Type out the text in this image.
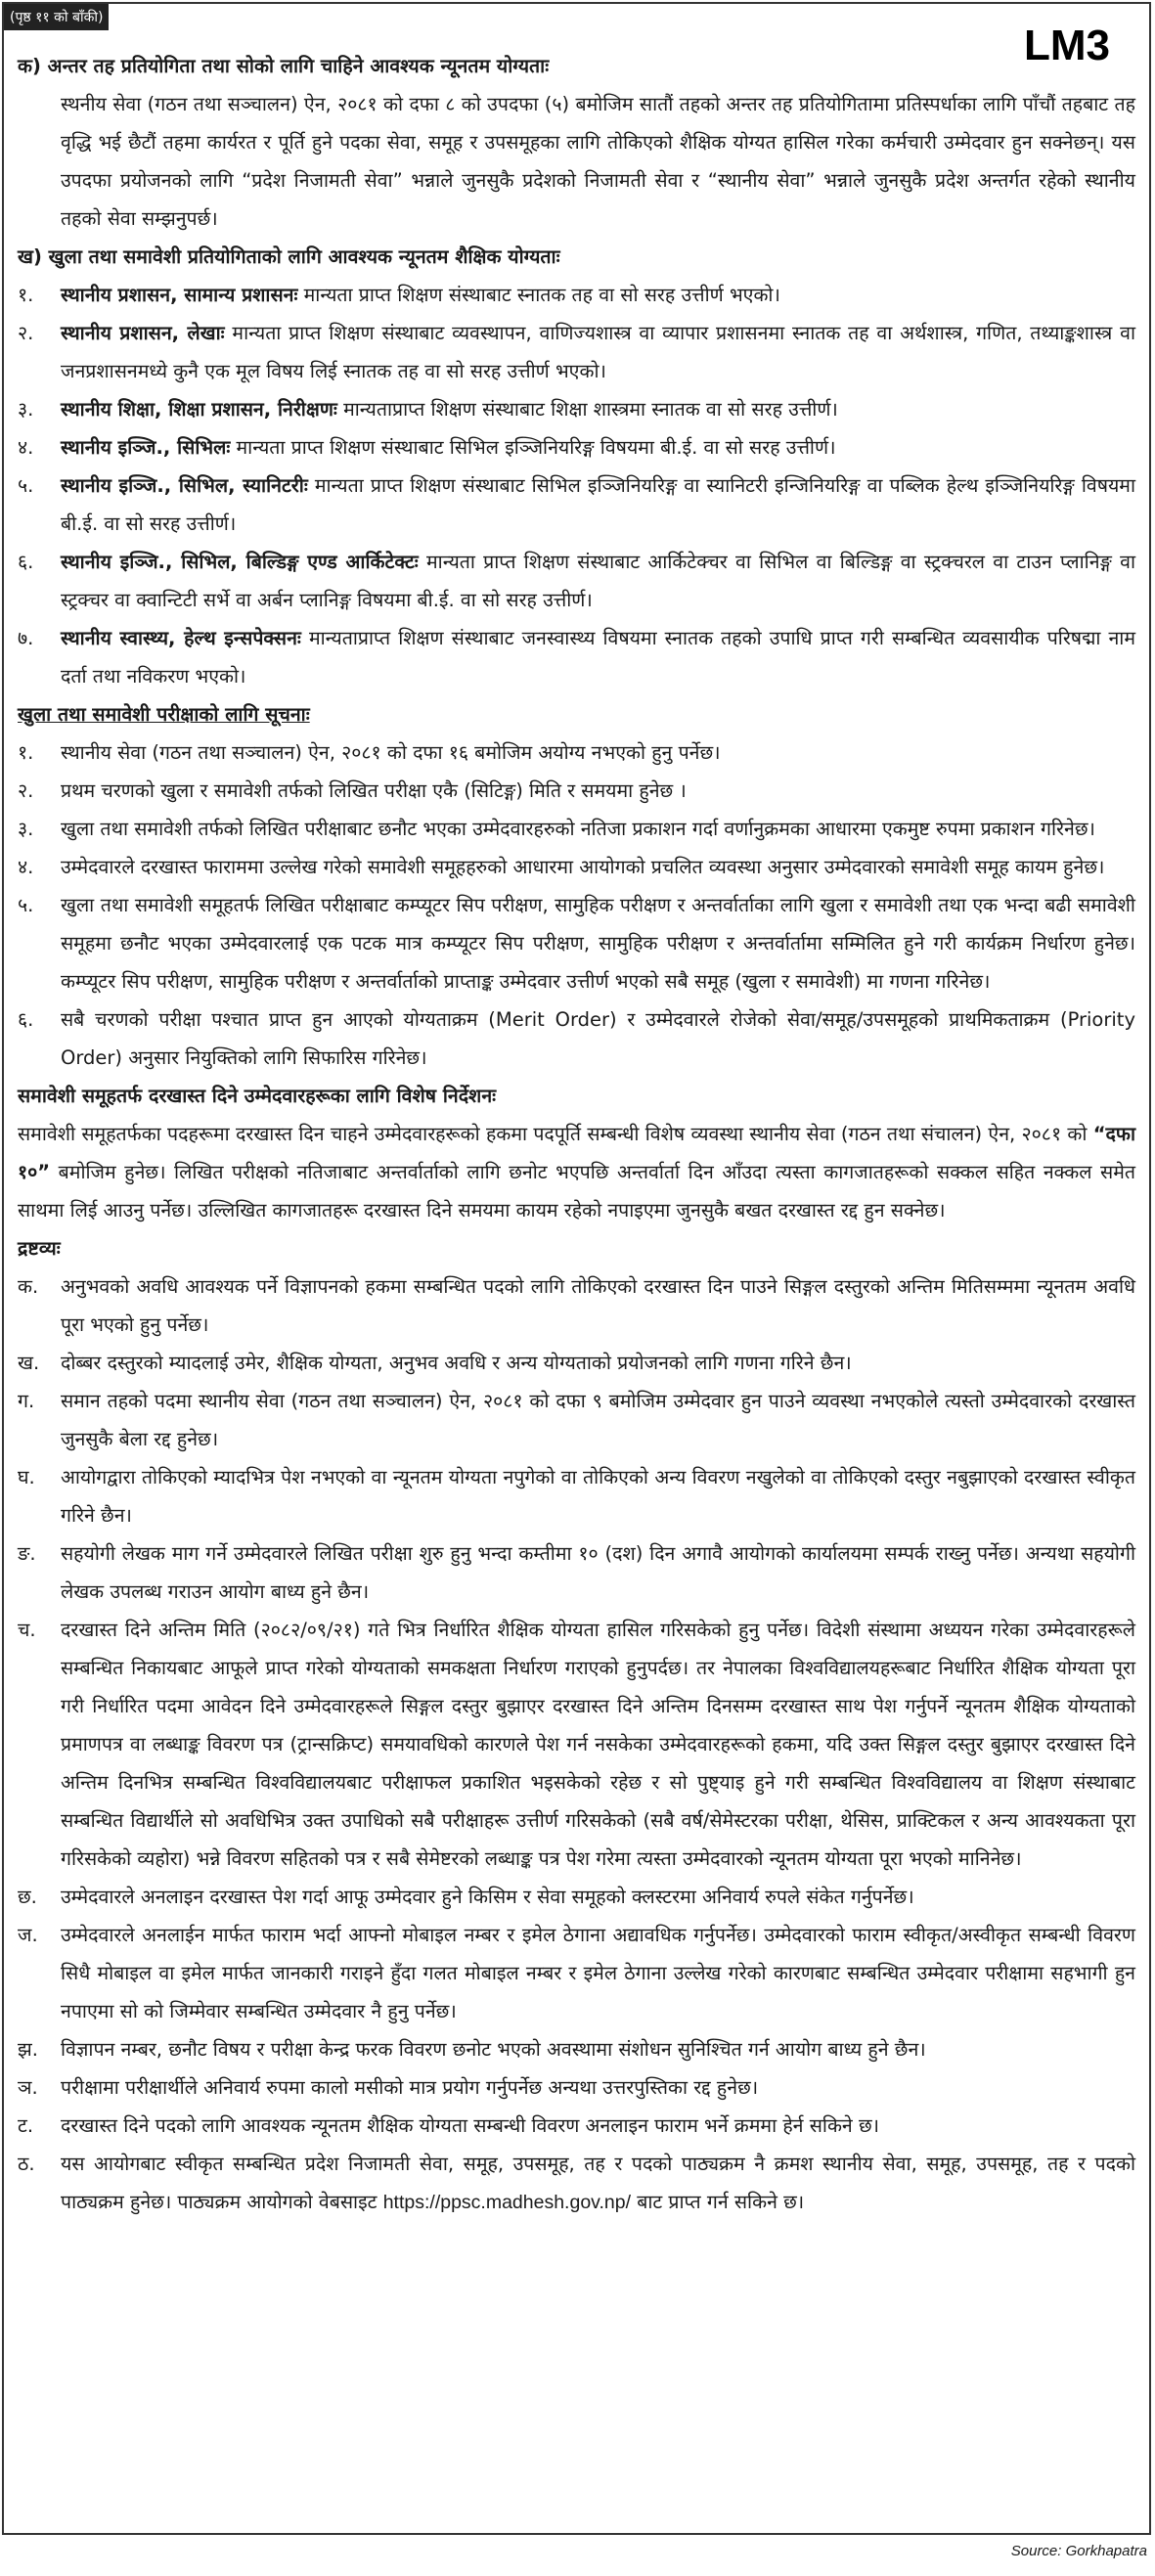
(पृष्ठ ११ को बाँकी)
LM3

क) अन्तर तह प्रतियोगिता तथा सोको लागि चाहिने आवश्यक न्यूनतम योग्यताः

स्थनीय सेवा (गठन तथा सञ्चालन) ऐन, २०८१ को दफा ८ को उपदफा (५) बमोजिम सातौं तहको अन्तर तह प्रतियोगितामा प्रतिस्पर्धाका लागि पाँचौं तहबाट तह वृद्धि भई छैटौं तहमा कार्यरत र पूर्ति हुने पदका सेवा, समूह र उपसमूहका लागि तोकिएको शैक्षिक योग्यत हासिल गरेका कर्मचारी उम्मेदवार हुन सक्नेछन्। यस उपदफा प्रयोजनको लागि “प्रदेश निजामती सेवा” भन्नाले जुनसुकै प्रदेशको निजामती सेवा र “स्थानीय सेवा” भन्नाले जुनसुकै प्रदेश अन्तर्गत रहेको स्थानीय तहको सेवा सम्झनुपर्छ।

ख) खुला तथा समावेशी प्रतियोगिताको लागि आवश्यक न्यूनतम शैक्षिक योग्यताः

१.	स्थानीय प्रशासन, सामान्य प्रशासनः मान्यता प्राप्त शिक्षण संस्थाबाट स्नातक तह वा सो सरह उत्तीर्ण भएको।
२.	स्थानीय प्रशासन, लेखाः मान्यता प्राप्त शिक्षण संस्थाबाट व्यवस्थापन, वाणिज्यशास्त्र वा व्यापार प्रशासनमा स्नातक तह वा अर्थशास्त्र, गणित, तथ्याङ्कशास्त्र वा जनप्रशासनमध्ये कुनै एक मूल विषय लिई स्नातक तह वा सो सरह उत्तीर्ण भएको।
३.	स्थानीय शिक्षा, शिक्षा प्रशासन, निरीक्षणः मान्यताप्राप्त शिक्षण संस्थाबाट शिक्षा शास्त्रमा स्नातक वा सो सरह उत्तीर्ण।
४.	स्थानीय इञ्जि., सिभिलः मान्यता प्राप्त शिक्षण संस्थाबाट सिभिल इञ्जिनियरिङ्ग विषयमा बी.ई. वा सो सरह उत्तीर्ण।
५.	स्थानीय इञ्जि., सिभिल, स्यानिटरीः मान्यता प्राप्त शिक्षण संस्थाबाट सिभिल इञ्जिनियरिङ्ग वा स्यानिटरी इन्जिनियरिङ्ग वा पब्लिक हेल्थ इञ्जिनियरिङ्ग विषयमा बी.ई. वा सो सरह उत्तीर्ण।
६.	स्थानीय इञ्जि., सिभिल, बिल्डिङ्ग एण्ड आर्किटेक्टः मान्यता प्राप्त शिक्षण संस्थाबाट आर्किटेक्चर वा सिभिल वा बिल्डिङ्ग वा स्ट्रक्चरल वा टाउन प्लानिङ्ग वा स्ट्रक्चर वा क्वान्टिटी सर्भे वा अर्बन प्लानिङ्ग विषयमा बी.ई. वा सो सरह उत्तीर्ण।
७.	स्थानीय स्वास्थ्य, हेल्थ इन्सपेक्सनः मान्यताप्राप्त शिक्षण संस्थाबाट जनस्वास्थ्य विषयमा स्नातक तहको उपाधि प्राप्त गरी सम्बन्धित व्यवसायीक परिषद्मा नाम दर्ता तथा नविकरण भएको।

खुला तथा समावेशी परीक्षाको लागि सूचनाः

१.	स्थानीय सेवा (गठन तथा सञ्चालन) ऐन, २०८१ को दफा १६ बमोजिम अयोग्य नभएको हुनु पर्नेछ।
२.	प्रथम चरणको खुला र समावेशी तर्फको लिखित परीक्षा एकै (सिटिङ्ग) मिति र समयमा हुनेछ ।
३.	खुला तथा समावेशी तर्फको लिखित परीक्षाबाट छनौट भएका उम्मेदवारहरुको नतिजा प्रकाशन गर्दा वर्णानुक्रमका आधारमा एकमुष्ट रुपमा प्रकाशन गरिनेछ।
४.	उम्मेदवारले दरखास्त फाराममा उल्लेख गरेको समावेशी समूहहरुको आधारमा आयोगको प्रचलित व्यवस्था अनुसार उम्मेदवारको समावेशी समूह कायम हुनेछ।
५.	खुला तथा समावेशी समूहतर्फ लिखित परीक्षाबाट कम्प्यूटर सिप परीक्षण, सामुहिक परीक्षण र अन्तर्वार्ताका लागि खुला र समावेशी तथा एक भन्दा बढी समावेशी समूहमा छनौट भएका उम्मेदवारलाई एक पटक मात्र कम्प्यूटर सिप परीक्षण, सामुहिक परीक्षण र अन्तर्वार्तामा सम्मिलित हुने गरी कार्यक्रम निर्धारण हुनेछ। कम्प्यूटर सिप परीक्षण, सामुहिक परीक्षण र अन्तर्वार्ताको प्राप्ताङ्क उम्मेदवार उत्तीर्ण भएको सबै समूह (खुला र समावेशी) मा गणना गरिनेछ।
६.	सबै चरणको परीक्षा पश्चात प्राप्त हुन आएको योग्यताक्रम (Merit Order) र उम्मेदवारले रोजेको सेवा/समूह/उपसमूहको प्राथमिकताक्रम (Priority Order) अनुसार नियुक्तिको लागि सिफारिस गरिनेछ।

समावेशी समूहतर्फ दरखास्त दिने उम्मेदवारहरूका लागि विशेष निर्देशनः

समावेशी समूहतर्फका पदहरूमा दरखास्त दिन चाहने उम्मेदवारहरूको हकमा पदपूर्ति सम्बन्धी विशेष व्यवस्था स्थानीय सेवा (गठन तथा संचालन) ऐन, २०८१ को “दफा १०” बमोजिम हुनेछ। लिखित परीक्षको नतिजाबाट अन्तर्वार्ताको लागि छनोट भएपछि अन्तर्वार्ता दिन आँउदा त्यस्ता कागजातहरूको सक्कल सहित नक्कल समेत साथमा लिई आउनु पर्नेछ। उल्लिखित कागजातहरू दरखास्त दिने समयमा कायम रहेको नपाइएमा जुनसुकै बखत दरखास्त रद्द हुन सक्नेछ।

द्रष्टव्यः

क.	अनुभवको अवधि आवश्यक पर्ने विज्ञापनको हकमा सम्बन्धित पदको लागि तोकिएको दरखास्त दिन पाउने सिङ्गल दस्तुरको अन्तिम मितिसम्ममा न्यूनतम अवधि पूरा भएको हुनु पर्नेछ।
ख.	दोब्बर दस्तुरको म्यादलाई उमेर, शैक्षिक योग्यता, अनुभव अवधि र अन्य योग्यताको प्रयोजनको लागि गणना गरिने छैन।
ग.	समान तहको पदमा स्थानीय सेवा (गठन तथा सञ्चालन) ऐन, २०८१ को दफा ९ बमोजिम उम्मेदवार हुन पाउने व्यवस्था नभएकोले त्यस्तो उम्मेदवारको दरखास्त जुनसुकै बेला रद्द हुनेछ।
घ.	आयोगद्वारा तोकिएको म्यादभित्र पेश नभएको वा न्यूनतम योग्यता नपुगेको वा तोकिएको अन्य विवरण नखुलेको वा तोकिएको दस्तुर नबुझाएको दरखास्त स्वीकृत गरिने छैन।
ङ.	सहयोगी लेखक माग गर्ने उम्मेदवारले लिखित परीक्षा शुरु हुनु भन्दा कम्तीमा १० (दश) दिन अगावै आयोगको कार्यालयमा सम्पर्क राख्नु पर्नेछ। अन्यथा सहयोगी लेखक उपलब्ध गराउन आयोग बाध्य हुने छैन।
च.	दरखास्त दिने अन्तिम मिति (२०८२/०९/२१) गते भित्र निर्धारित शैक्षिक योग्यता हासिल गरिसकेको हुनु पर्नेछ। विदेशी संस्थामा अध्ययन गरेका उम्मेदवारहरूले सम्बन्धित निकायबाट आफूले प्राप्त गरेको योग्यताको समकक्षता निर्धारण गराएको हुनुपर्दछ। तर नेपालका विश्वविद्यालयहरूबाट निर्धारित शैक्षिक योग्यता पूरा गरी निर्धारित पदमा आवेदन दिने उम्मेदवारहरूले सिङ्गल दस्तुर बुझाएर दरखास्त दिने अन्तिम दिनसम्म दरखास्त साथ पेश गर्नुपर्ने न्यूनतम शैक्षिक योग्यताको प्रमाणपत्र वा लब्धाङ्क विवरण पत्र (ट्रान्सक्रिप्ट) समयावधिको कारणले पेश गर्न नसकेका उम्मेदवारहरूको हकमा, यदि उक्त सिङ्गल दस्तुर बुझाएर दरखास्त दिने अन्तिम दिनभित्र सम्बन्धित विश्वविद्यालयबाट परीक्षाफल प्रकाशित भइसकेको रहेछ र सो पुष्ट्याइ हुने गरी सम्बन्धित विश्वविद्यालय वा शिक्षण संस्थाबाट सम्बन्धित विद्यार्थीले सो अवधिभित्र उक्त उपाधिको सबै परीक्षाहरू उत्तीर्ण गरिसकेको (सबै वर्ष/सेमेस्टरका परीक्षा, थेसिस, प्राक्टिकल र अन्य आवश्यकता पूरा गरिसकेको व्यहोरा) भन्ने विवरण सहितको पत्र र सबै सेमेष्टरको लब्धाङ्क पत्र पेश गरेमा त्यस्ता उम्मेदवारको न्यूनतम योग्यता पूरा भएको मानिनेछ।
छ.	उम्मेदवारले अनलाइन दरखास्त पेश गर्दा आफू उम्मेदवार हुने किसिम र सेवा समूहको क्लस्टरमा अनिवार्य रुपले संकेत गर्नुपर्नेछ।
ज.	उम्मेदवारले अनलाईन मार्फत फाराम भर्दा आफ्नो मोबाइल नम्बर र इमेल ठेगाना अद्यावधिक गर्नुपर्नेछ। उम्मेदवारको फाराम स्वीकृत/अस्वीकृत सम्बन्धी विवरण सिधै मोबाइल वा इमेल मार्फत जानकारी गराइने हुँदा गलत मोबाइल नम्बर र इमेल ठेगाना उल्लेख गरेको कारणबाट सम्बन्धित उम्मेदवार परीक्षामा सहभागी हुन नपाएमा सो को जिम्मेवार सम्बन्धित उम्मेदवार नै हुनु पर्नेछ।
झ.	विज्ञापन नम्बर, छनौट विषय र परीक्षा केन्द्र फरक विवरण छनोट भएको अवस्थामा संशोधन सुनिश्चित गर्न आयोग बाध्य हुने छैन।
ञ.	परीक्षामा परीक्षार्थीले अनिवार्य रुपमा कालो मसीको मात्र प्रयोग गर्नुपर्नेछ अन्यथा उत्तरपुस्तिका रद्द हुनेछ।
ट.	दरखास्त दिने पदको लागि आवश्यक न्यूनतम शैक्षिक योग्यता सम्बन्धी विवरण अनलाइन फाराम भर्ने क्रममा हेर्न सकिने छ।
ठ.	यस आयोगबाट स्वीकृत सम्बन्धित प्रदेश निजामती सेवा, समूह, उपसमूह, तह र पदको पाठ्यक्रम नै क्रमश स्थानीय सेवा, समूह, उपसमूह, तह र पदको पाठ्यक्रम हुनेछ। पाठ्यक्रम आयोगको वेबसाइट https://ppsc.madhesh.gov.np/ बाट प्राप्त गर्न सकिने छ।
Source: Gorkhapatra
